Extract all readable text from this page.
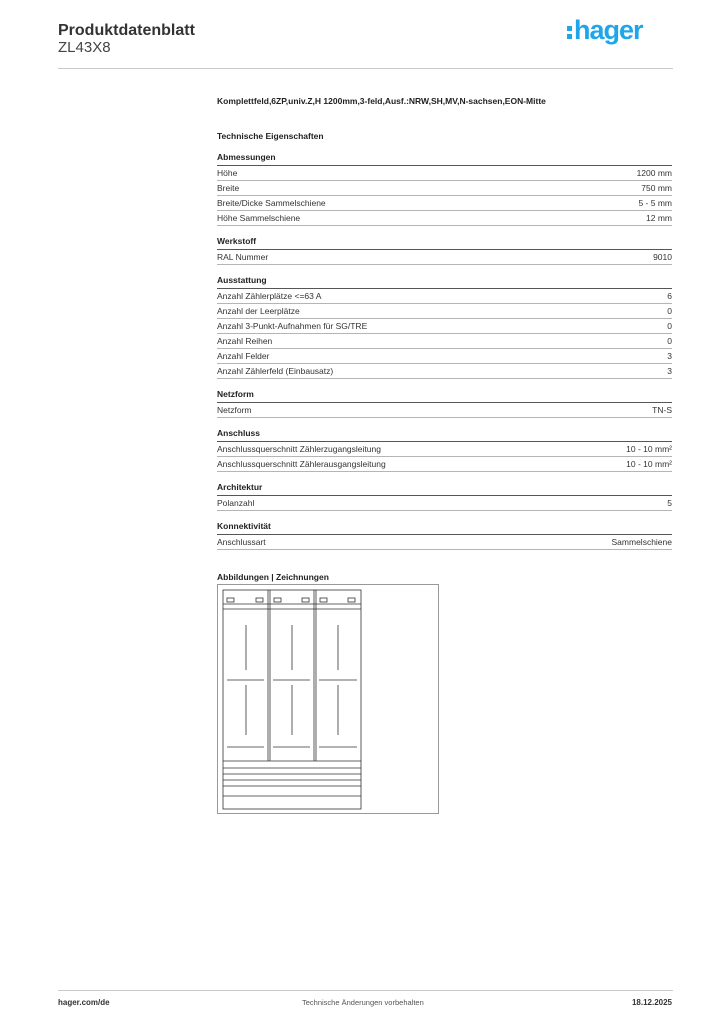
Produktdatenblatt
ZL43X8
hager
Komplettfeld,6ZP,univ.Z,H 1200mm,3-feld,Ausf.:NRW,SH,MV,N-sachsen,EON-Mitte
Technische Eigenschaften
Abmessungen
Höhe	1200 mm
Breite	750 mm
Breite/Dicke Sammelschiene	5 - 5 mm
Höhe Sammelschiene	12 mm
Werkstoff
RAL Nummer	9010
Ausstattung
Anzahl Zählerplätze <=63 A	6
Anzahl der Leerplätze	0
Anzahl 3-Punkt-Aufnahmen für SG/TRE	0
Anzahl Reihen	0
Anzahl Felder	3
Anzahl Zählerfeld (Einbausatz)	3
Netzform
Netzform	TN-S
Anschluss
Anschlussquerschnitt Zählerzugangsleitung	10 - 10 mm²
Anschlussquerschnitt Zählerausgangsleitung	10 - 10 mm²
Architektur
Polanzahl	5
Konnektivität
Anschlussart	Sammelschiene
Abbildungen | Zeichnungen
hager.com/de	Technische Änderungen vorbehalten	18.12.2025
